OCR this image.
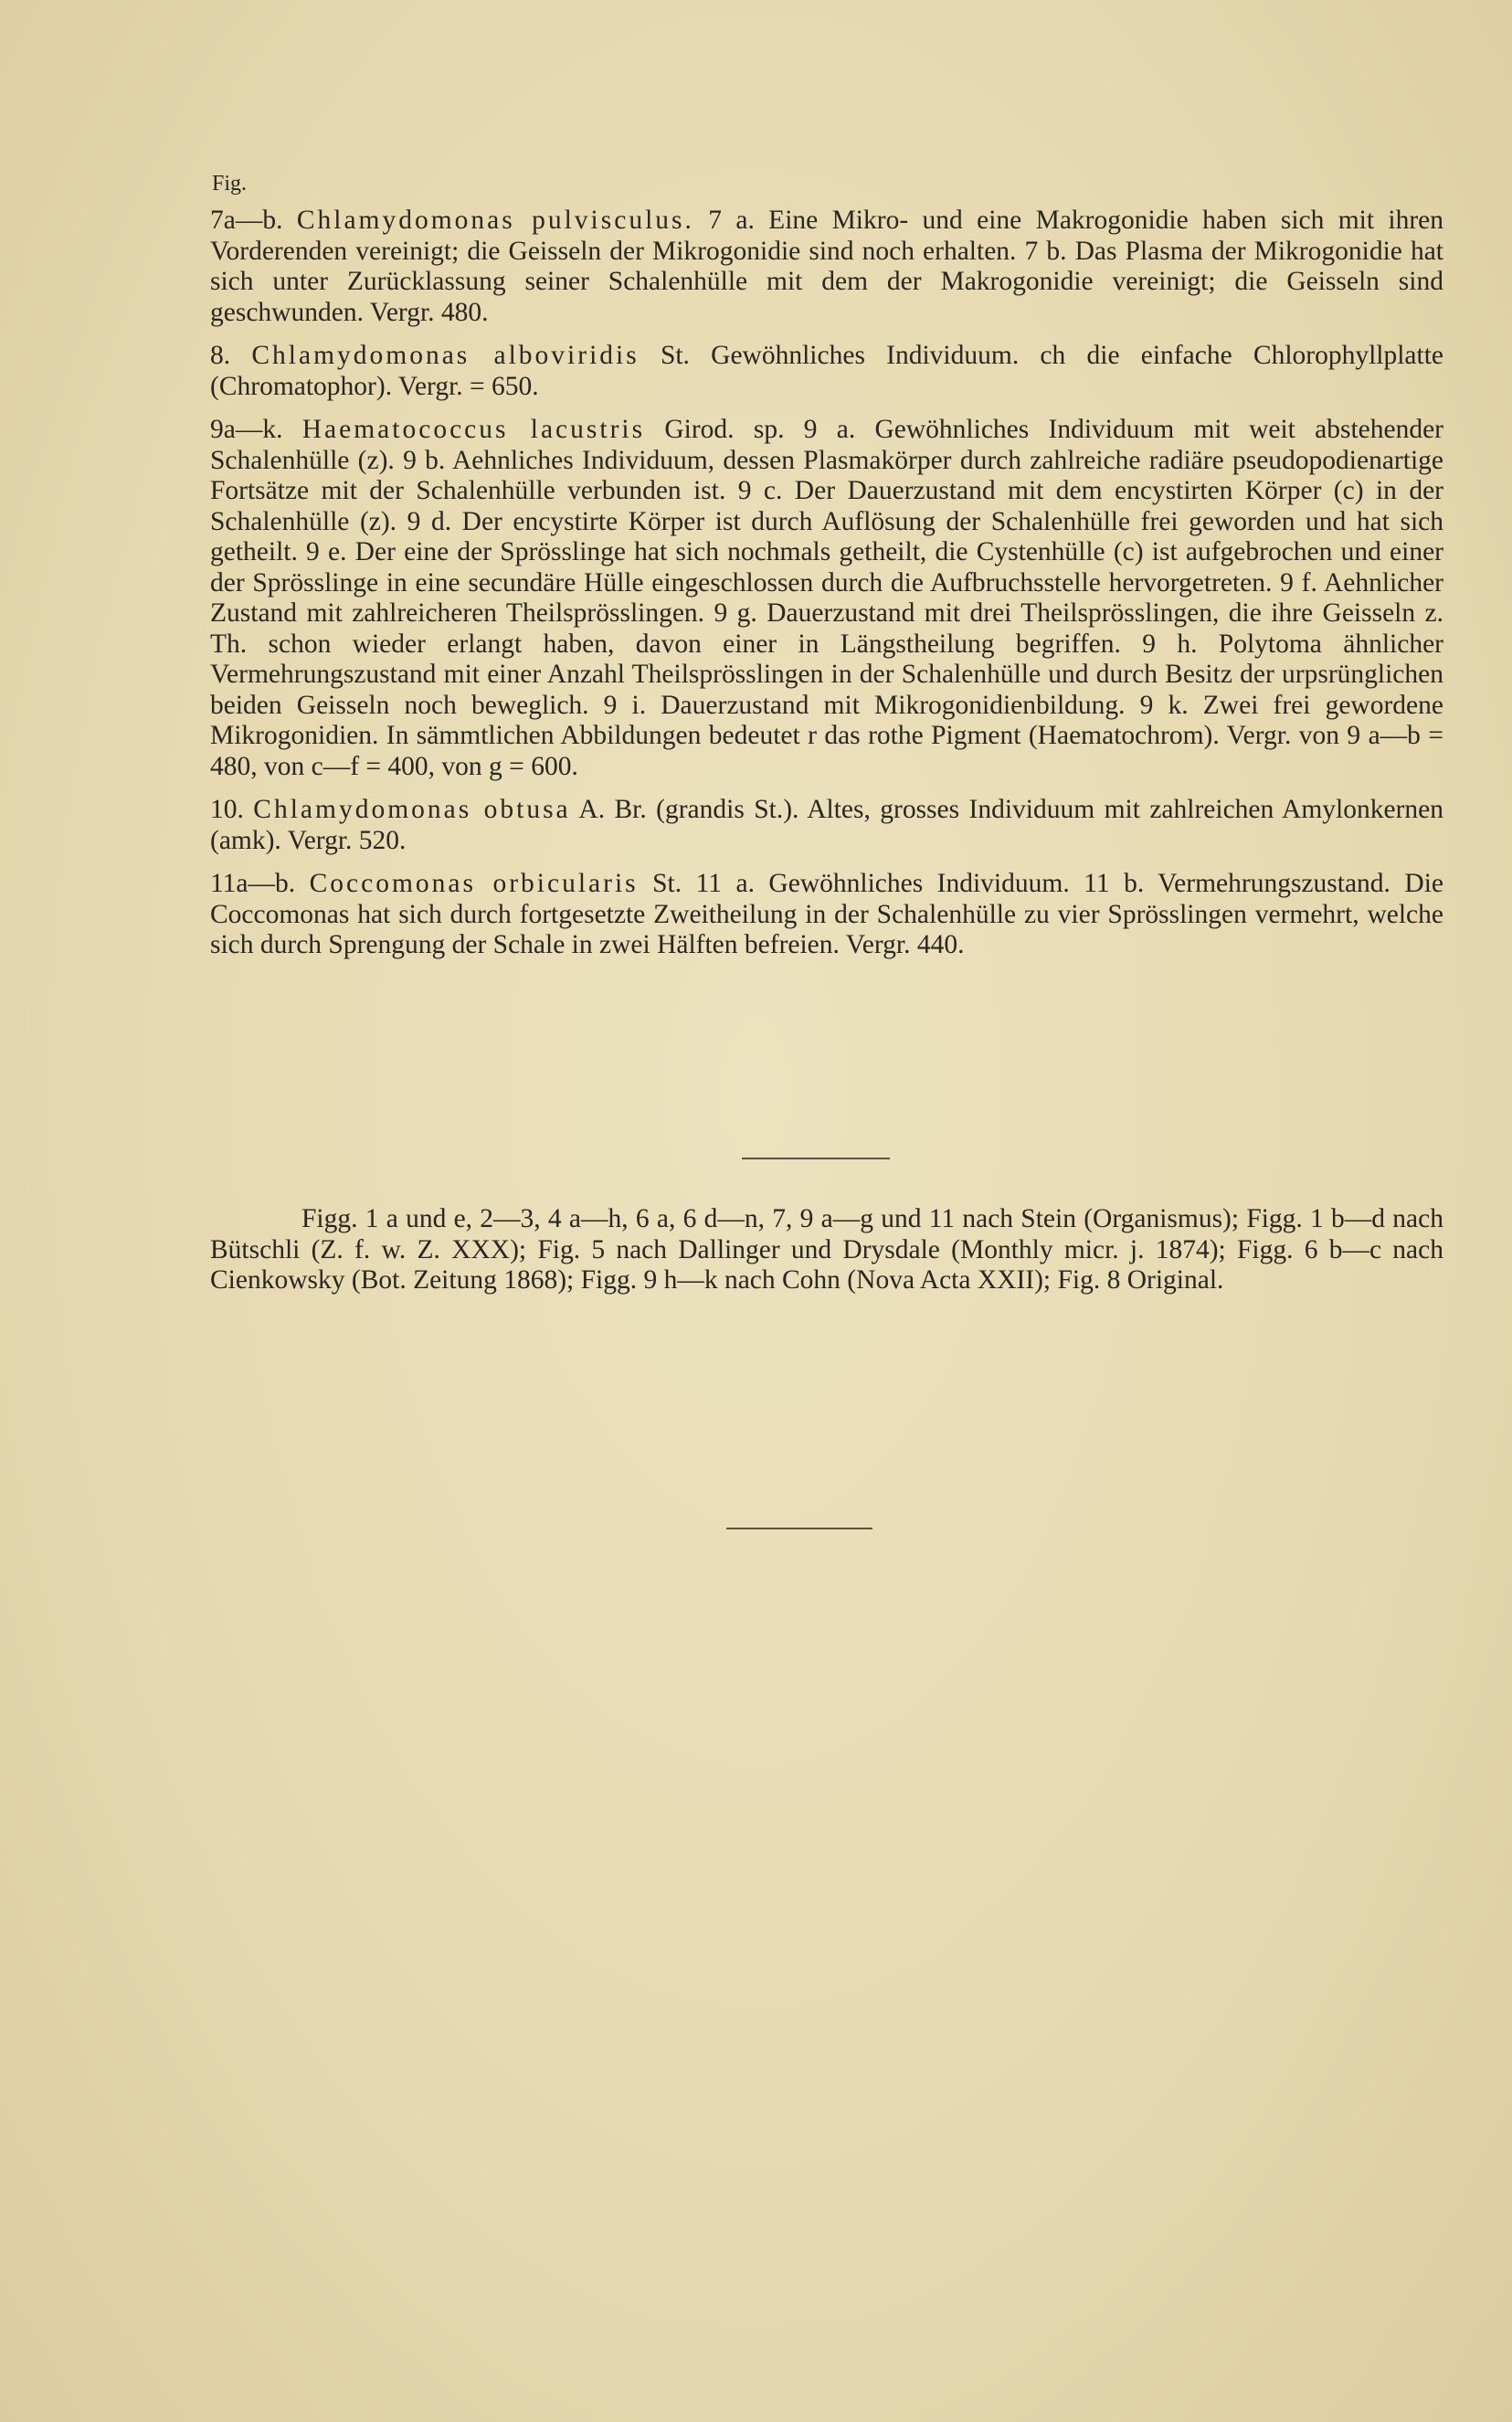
Fig.

7a—b. Chlamydomonas pulvisculus. 7 a. Eine Mikro- und eine Makrogonidie haben sich mit ihren Vorderenden vereinigt; die Geisseln der Mikrogonidie sind noch erhalten. 7 b. Das Plasma der Mikrogonidie hat sich unter Zurücklassung seiner Schalenhülle mit dem der Makrogonidie vereinigt; die Geisseln sind geschwunden. Vergr. 480.

8. Chlamydomonas alboviridis St. Gewöhnliches Individuum. ch die einfache Chlorophyllplatte (Chromatophor). Vergr. = 650.

9a—k. Haematococcus lacustris Girod. sp. 9 a. Gewöhnliches Individuum mit weit abstehender Schalenhülle (z). 9 b. Aehnliches Individuum, dessen Plasmakörper durch zahlreiche radiäre pseudopodienartige Fortsätze mit der Schalenhülle verbunden ist. 9 c. Der Dauerzustand mit dem encystirten Körper (c) in der Schalenhülle (z). 9 d. Der encystirte Körper ist durch Auflösung der Schalenhülle frei geworden und hat sich getheilt. 9 e. Der eine der Sprösslinge hat sich nochmals getheilt, die Cystenhülle (c) ist aufgebrochen und einer der Sprösslinge in eine secundäre Hülle eingeschlossen durch die Aufbruchsstelle hervorgetreten. 9 f. Aehnlicher Zustand mit zahlreicheren Theilsprösslingen. 9 g. Dauerzustand mit drei Theilsprösslingen, die ihre Geisseln z. Th. schon wieder erlangt haben, davon einer in Längstheilung begriffen. 9 h. Polytoma ähnlicher Vermehrungszustand mit einer Anzahl Theilsprösslingen in der Schalenhülle und durch Besitz der urpsrünglichen beiden Geisseln noch beweglich. 9 i. Dauerzustand mit Mikrogonidienbildung. 9 k. Zwei frei gewordene Mikrogonidien. In sämmtlichen Abbildungen bedeutet r das rothe Pigment (Haematochrom). Vergr. von 9 a—b = 480, von c—f = 400, von g = 600.

10. Chlamydomonas obtusa A. Br. (grandis St.). Altes, grosses Individuum mit zahlreichen Amylonkernen (amk). Vergr. 520.

11a—b. Coccomonas orbicularis St. 11 a. Gewöhnliches Individuum. 11 b. Vermehrungszustand. Die Coccomonas hat sich durch fortgesetzte Zweitheilung in der Schalenhülle zu vier Sprösslingen vermehrt, welche sich durch Sprengung der Schale in zwei Hälften befreien. Vergr. 440.

Figg. 1 a und e, 2—3, 4 a—h, 6 a, 6 d—n, 7, 9 a—g und 11 nach Stein (Organismus); Figg. 1 b—d nach Bütschli (Z. f. w. Z. XXX); Fig. 5 nach Dallinger und Drysdale (Monthly micr. j. 1874); Figg. 6 b—c nach Cienkowsky (Bot. Zeitung 1868); Figg. 9 h—k nach Cohn (Nova Acta XXII); Fig. 8 Original.
